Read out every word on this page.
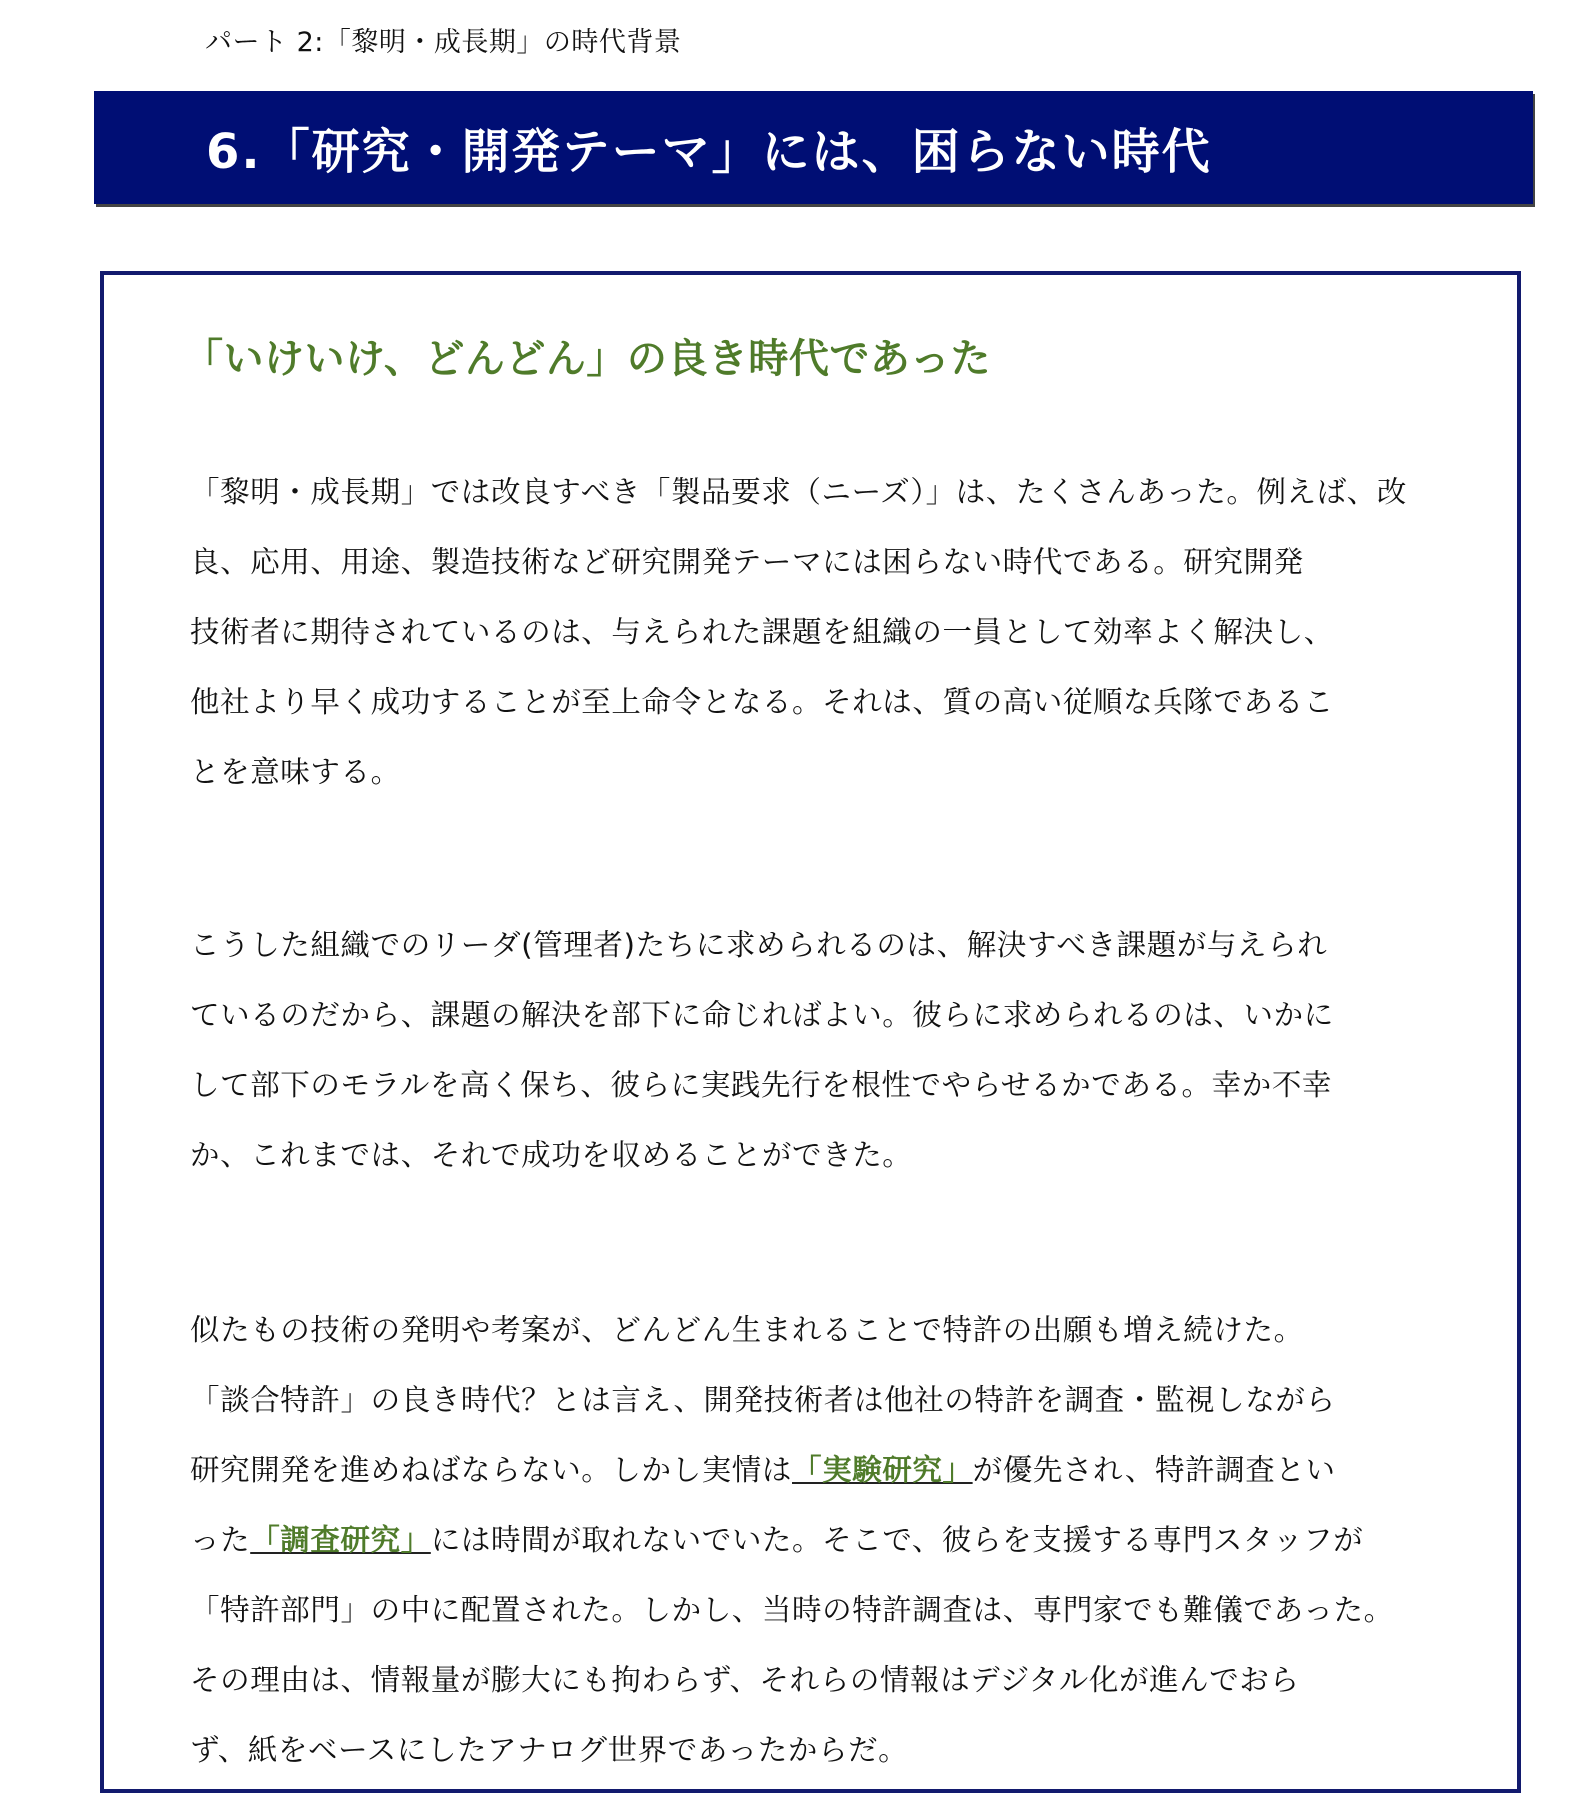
パート 2:「黎明・成長期」の時代背景
6.「研究・開発テーマ」には、困らない時代
「いけいけ、どんどん」の良き時代であった
「黎明・成長期」では改良すべき「製品要求（ニーズ）」は、たくさんあった。例えば、改
良、応用、用途、製造技術など研究開発テーマには困らない時代である。研究開発
技術者に期待されているのは、与えられた課題を組織の一員として効率よく解決し、
他社より早く成功することが至上命令となる。それは、質の高い従順な兵隊であるこ
とを意味する。
こうした組織でのリーダ(管理者)たちに求められるのは、解決すべき課題が与えられ
ているのだから、課題の解決を部下に命じればよい。彼らに求められるのは、いかに
して部下のモラルを高く保ち、彼らに実践先行を根性でやらせるかである。幸か不幸
か、これまでは、それで成功を収めることができた。
似たもの技術の発明や考案が、どんどん生まれることで特許の出願も増え続けた。
「談合特許」の良き時代？とは言え、開発技術者は他社の特許を調査・監視しながら
研究開発を進めねばならない。しかし実情は「実験研究」が優先され、特許調査とい
った「調査研究」には時間が取れないでいた。そこで、彼らを支援する専門スタッフが
「特許部門」の中に配置された。しかし、当時の特許調査は、専門家でも難儀であった。
その理由は、情報量が膨大にも拘わらず、それらの情報はデジタル化が進んでおら
ず、紙をベースにしたアナログ世界であったからだ。
